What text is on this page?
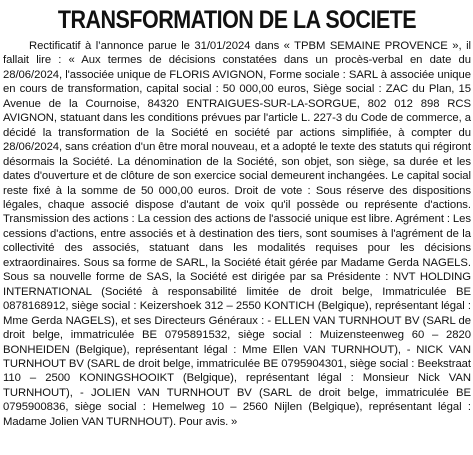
TRANSFORMATION DE LA SOCIETE

Rectificatif à l’annonce parue le 31/01/2024 dans « TPBM SEMAINE PROVENCE », il fallait lire : « Aux termes de décisions constatées dans un procès-verbal en date du 28/06/2024, l'associée unique de FLORIS AVIGNON, Forme sociale : SARL à associée unique en cours de transformation, capital social : 50 000,00 euros, Siège social : ZAC du Plan, 15 Avenue de la Cournoise, 84320 ENTRAIGUES-SUR-LA-SORGUE, 802 012 898 RCS AVIGNON, statuant dans les conditions prévues par l'article L. 227-3 du Code de commerce, a décidé la transformation de la Société en société par actions simplifiée, à compter du 28/06/2024, sans création d'un être moral nouveau, et a adopté le texte des statuts qui régiront désormais la Société. La dénomination de la Société, son objet, son siège, sa durée et les dates d'ouverture et de clôture de son exercice social demeurent inchangées. Le capital social reste fixé à la somme de 50 000,00 euros. Droit de vote : Sous réserve des dispositions légales, chaque associé dispose d'autant de voix qu'il possède ou représente d'actions. Transmission des actions : La cession des actions de l'associé unique est libre. Agrément : Les cessions d'actions, entre associés et à destination des tiers, sont soumises à l'agrément de la collectivité des associés, statuant dans les modalités requises pour les décisions extraordinaires. Sous sa forme de SARL, la Société était gérée par Madame Gerda NAGELS. Sous sa nouvelle forme de SAS, la Société est dirigée par sa Présidente : NVT HOLDING INTERNATIONAL (Société à responsabilité limitée de droit belge, Immatriculée BE 0878168912, siège social : Keizershoek 312 – 2550 KONTICH (Belgique), représentant légal : Mme Gerda NAGELS), et ses Directeurs Généraux : - ELLEN VAN TURNHOUT BV (SARL de droit belge, immatriculée BE 0795891532, siège social : Muizensteenweg 60 – 2820 BONHEIDEN (Belgique), représentant légal : Mme Ellen VAN TURNHOUT), - NICK VAN TURNHOUT BV (SARL de droit belge, immatriculée BE 0795904301, siège social : Beekstraat 110 – 2500 KONINGSHOOIKT (Belgique), représentant légal : Monsieur Nick VAN TURNHOUT), - JOLIEN VAN TURNHOUT BV (SARL de droit belge, immatriculée BE 0795900836, siège social : Hemelweg 10 – 2560 Nijlen (Belgique), représentant légal : Madame Jolien VAN TURNHOUT). Pour avis. »
